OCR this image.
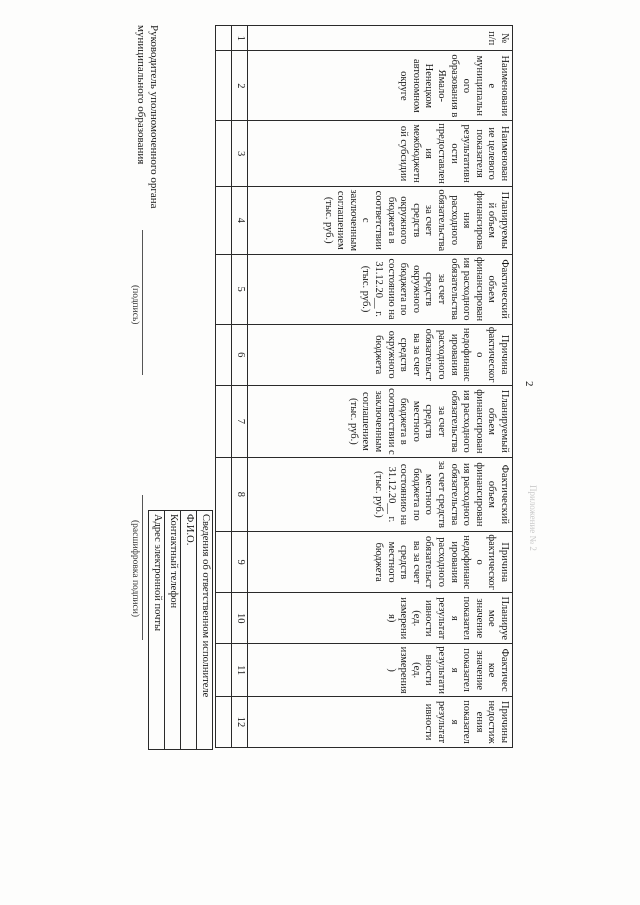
Приложение № 2
2
№ п/п	Наименование муниципального образования в Ямало-Ненецком автономном округе	Наименование целевого показателя результативности предоставления межбюджетной субсидии	Планируемый объем финансирования расходного обязательства за счет средств окружного бюджета в соответствии с заключенным соглашением (тыс. руб.)	Фактический объем финансирования расходного обязательства за счет средств окружного бюджета по состоянию на 31.12.20__ г. (тыс. руб.)	Причина фактического недофинансирования расходного обязательства за счет средств окружного бюджета	Планируемый объем финансирования расходного обязательства за счет средств местного бюджета в соответствии с заключенным соглашением (тыс. руб.)	Фактический объем финансирования расходного обязательства за счет средств местного бюджета по состоянию на 31.12.20__ г. (тыс. руб.)	Причина фактического недофинансирования расходного обязательства за счет средств местного бюджета	Планируемое значение показателя результативности (ед. измерения)	Фактическое значение показателя результативности (ед. измерения)	Причины недостижения показателя результативности
1	2	3	4	5	6	7	8	9	10	11	12

Сведения об ответственном исполнителе
Ф.И.О.
Контактный телефон
Адрес электронной почты
Руководитель уполномоченного органа
муниципального образования
(подпись)
(расшифровка подписи)
